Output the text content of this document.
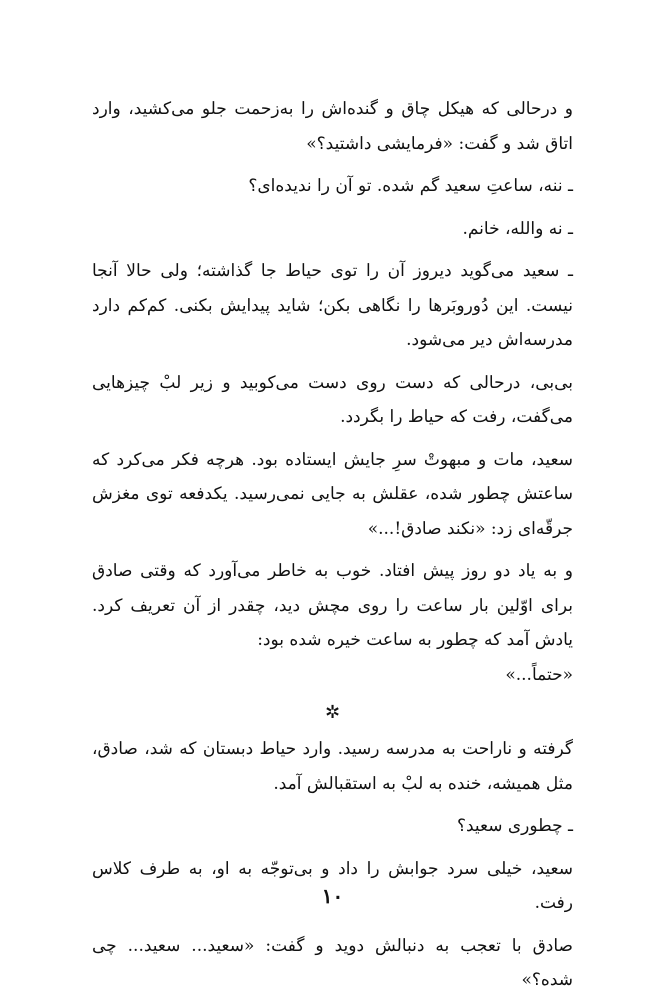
و درحالی که هیکل چاق و گنده‌اش را به‌زحمت جلو می‌کشید، وارد اتاق شد و گفت: «فرمایشی داشتید؟»

ـ ننه، ساعتِ سعید گم شده. تو آن را ندیده‌ای؟

ـ نه والله، خانم.

ـ سعید می‌گوید دیروز آن را توی حیاط جا گذاشته؛ ولی حالا آنجا نیست. این دُوروبَرها را نگاهی بکن؛ شاید پیدایش بکنی. کم‌کم دارد مدرسه‌اش دیر می‌شود.

بی‌بی، درحالی که دست روی دست می‌کوبید و زیر لبْ چیزهایی می‌گفت، رفت که حیاط را بگردد.

سعید، مات و مبهوتْ سرِ جایش ایستاده بود. هرچه فکر می‌کرد که ساعتش چطور شده، عقلش به جایی نمی‌رسید. یکدفعه توی مغزش جرقّه‌ای زد: «نکند صادق!...»

و به یاد دو روز پیش افتاد. خوب به خاطر می‌آورد که وقتی صادق برای اوّلین بار ساعت را روی مچش دید، چقدر از آن تعریف کرد. یادش آمد که چطور به ساعت خیره شده بود:

«حتماً...»

✲

گرفته و ناراحت به مدرسه رسید. وارد حیاط دبستان که شد، صادق، مثل همیشه، خنده به لبْ به استقبالش آمد.

ـ چطوری سعید؟

سعید، خیلی سرد جوابش را داد و بی‌توجّه به او، به طرف کلاس رفت.

صادق با تعجب به دنبالش دوید و گفت: «سعید... سعید... چی شده؟»

۱۰
